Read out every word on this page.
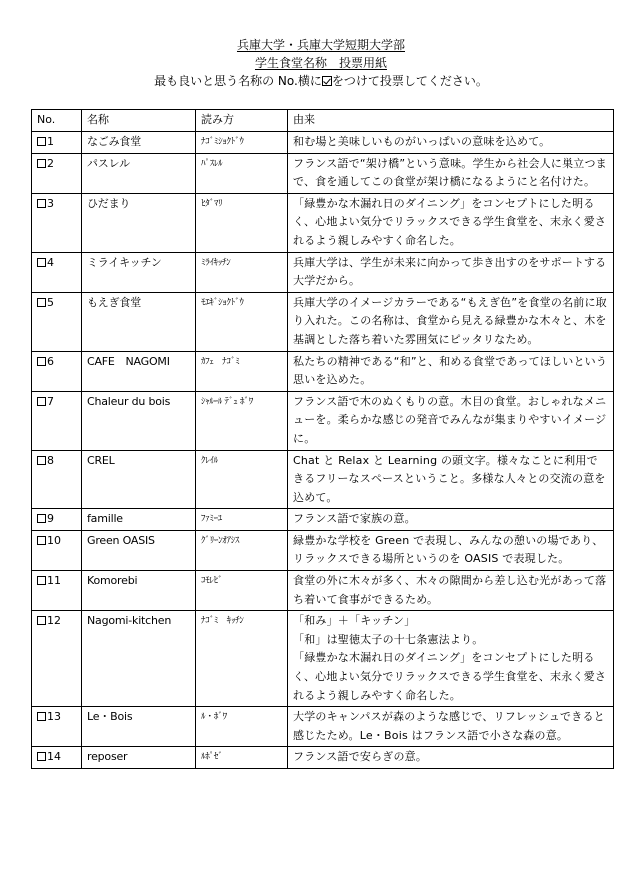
兵庫大学・兵庫大学短期大学部

学生食堂名称　投票用紙

最も良いと思う名称の No.横に をつけて投票してください。

No.	名称	読み方	由来
1	なごみ食堂	ﾅｺﾞﾐｼｮｸﾄﾞｳ	和む場と美味しいものがいっぱいの意味を込めて。
2	パスレル	ﾊﾟｽﾚﾙ	フランス語で“架け橋”という意味。学生から社会人に巣立つまで、食を通してこの食堂が架け橋になるようにと名付けた。
3	ひだまり	ﾋﾀﾞﾏﾘ	「緑豊かな木漏れ日のダイニング」をコンセプトにした明るく、心地よい気分でリラックスできる学生食堂を、末永く愛されるよう親しみやすく命名した。
4	ミライキッチン	ﾐﾗｲｷｯﾁﾝ	兵庫大学は、学生が未来に向かって歩き出すのをサポートする大学だから。
5	もえぎ食堂	ﾓｴｷﾞｼｮｸﾄﾞｳ	兵庫大学のイメージカラーである“もえぎ色”を食堂の名前に取り入れた。この名称は、食堂から見える緑豊かな木々と、木を基調とした落ち着いた雰囲気にピッタリなため。
6	CAFE　NAGOMI	ｶﾌｪ　ﾅｺﾞﾐ	私たちの精神である“和”と、和める食堂であってほしいという思いを込めた。
7	Chaleur du bois	ｼｬﾙｰﾙ ﾃﾞｭ ﾎﾞﾜ	フランス語で木のぬくもりの意。木目の食堂。おしゃれなメニューを。柔らかな感じの発音でみんなが集まりやすいイメージに。
8	CREL	ｸﾚｲﾙ	Chat と Relax と Learning の頭文字。様々なことに利用できるフリーなスペースということ。多様な人々との交流の意を込めて。
9	famille	ﾌｧﾐｰﾕ	フランス語で家族の意。
10	Green OASIS	ｸﾞﾘｰﾝｵｱｼｽ	緑豊かな学校を Green で表現し、みんなの憩いの場であり、リラックスできる場所というのを OASIS で表現した。
11	Komorebi	ｺﾓﾚﾋﾞ	食堂の外に木々が多く、木々の隙間から差し込む光があって落ち着いて食事ができるため。
12	Nagomi-kitchen	ﾅｺﾞﾐ　ｷｯﾁﾝ	「和み」＋「キッチン」
「和」は聖徳太子の十七条憲法より。
「緑豊かな木漏れ日のダイニング」をコンセプトにした明るく、心地よい気分でリラックスできる学生食堂を、末永く愛されるよう親しみやすく命名した。
13	Le・Bois	ﾙ・ﾎﾞﾜ	大学のキャンパスが森のような感じで、リフレッシュできると感じたため。Le・Bois はフランス語で小さな森の意。
14	reposer	ﾙﾎﾟｾﾞ	フランス語で安らぎの意。
